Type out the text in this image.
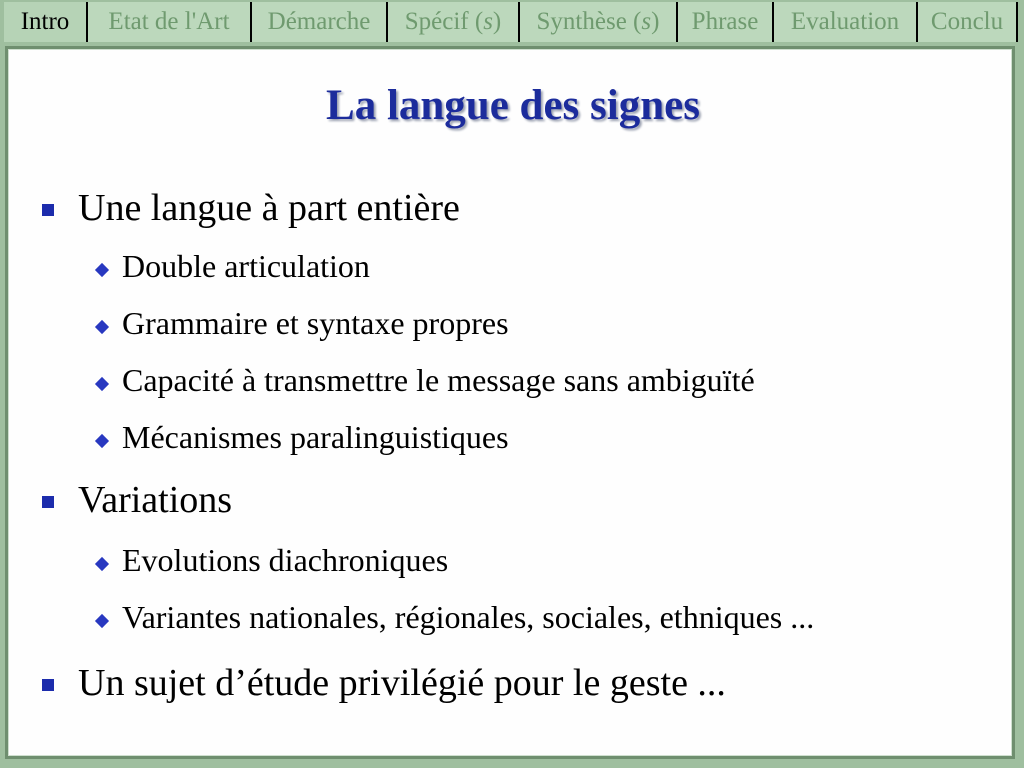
Intro	Etat de l'Art	Démarche	Spécif (s)	Synthèse (s)	Phrase	Evaluation	Conclu
La langue des signes
Une langue à part entière
Double articulation
Grammaire et syntaxe propres
Capacité à transmettre le message sans ambiguïté
Mécanismes paralinguistiques
Variations
Evolutions diachroniques
Variantes nationales, régionales, sociales, ethniques ...
Un sujet d’étude privilégié pour le geste ...
